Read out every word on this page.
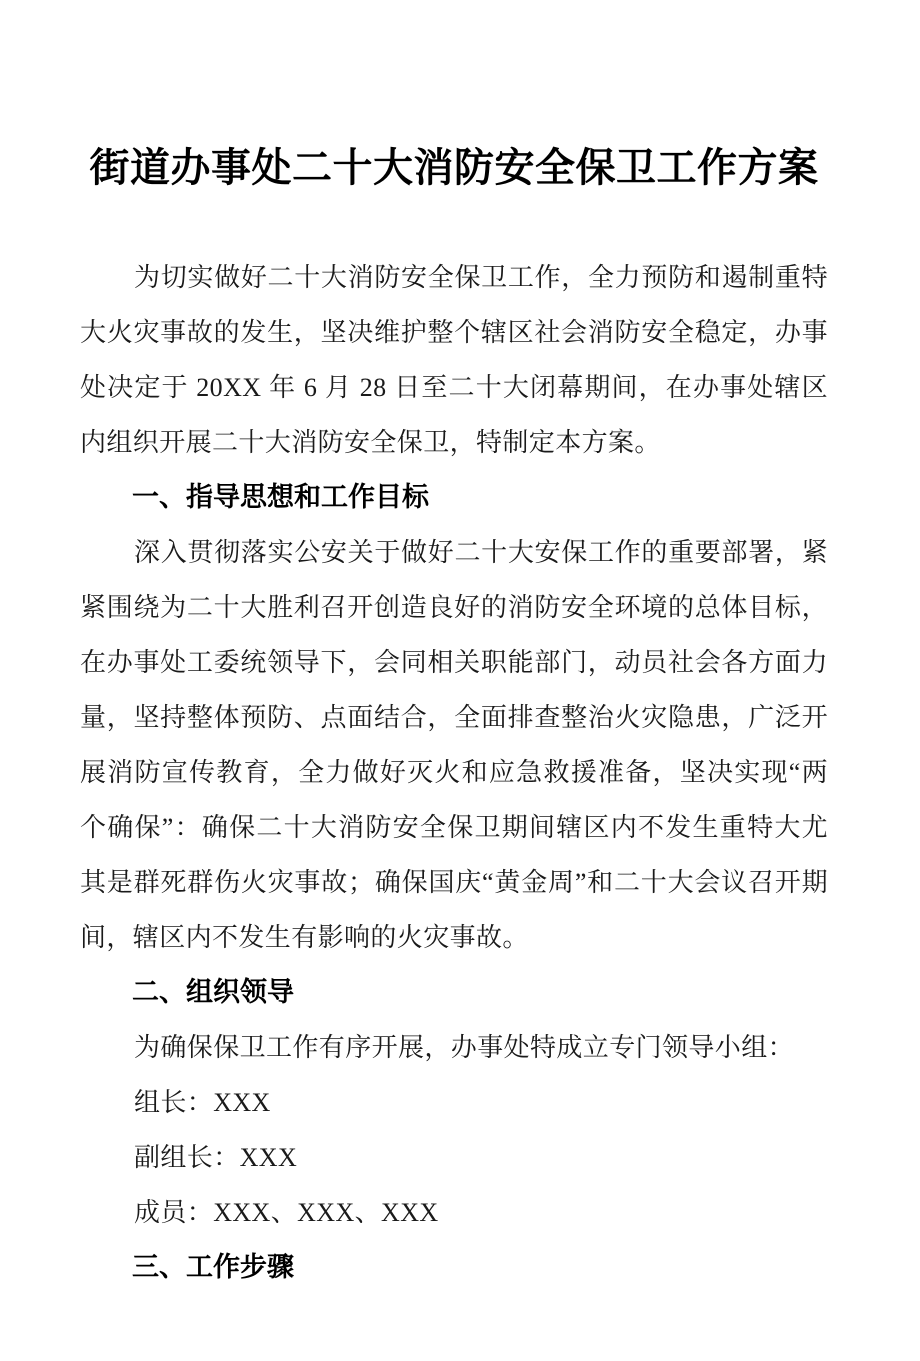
街道办事处二十大消防安全保卫工作方案

为切实做好二十大消防安全保卫工作，全力预防和遏制重特大火灾事故的发生，坚决维护整个辖区社会消防安全稳定，办事处决定于 20XX 年 6 月 28 日至二十大闭幕期间，在办事处辖区内组织开展二十大消防安全保卫，特制定本方案。

一、指导思想和工作目标

深入贯彻落实公安关于做好二十大安保工作的重要部署，紧紧围绕为二十大胜利召开创造良好的消防安全环境的总体目标，在办事处工委统领导下，会同相关职能部门，动员社会各方面力量，坚持整体预防、点面结合，全面排查整治火灾隐患，广泛开展消防宣传教育，全力做好灭火和应急救援准备，坚决实现“两个确保”：确保二十大消防安全保卫期间辖区内不发生重特大尤其是群死群伤火灾事故；确保国庆“黄金周”和二十大会议召开期间，辖区内不发生有影响的火灾事故。

二、组织领导

为确保保卫工作有序开展，办事处特成立专门领导小组：

组长：XXX

副组长：XXX

成员：XXX、XXX、XXX

三、工作步骤
